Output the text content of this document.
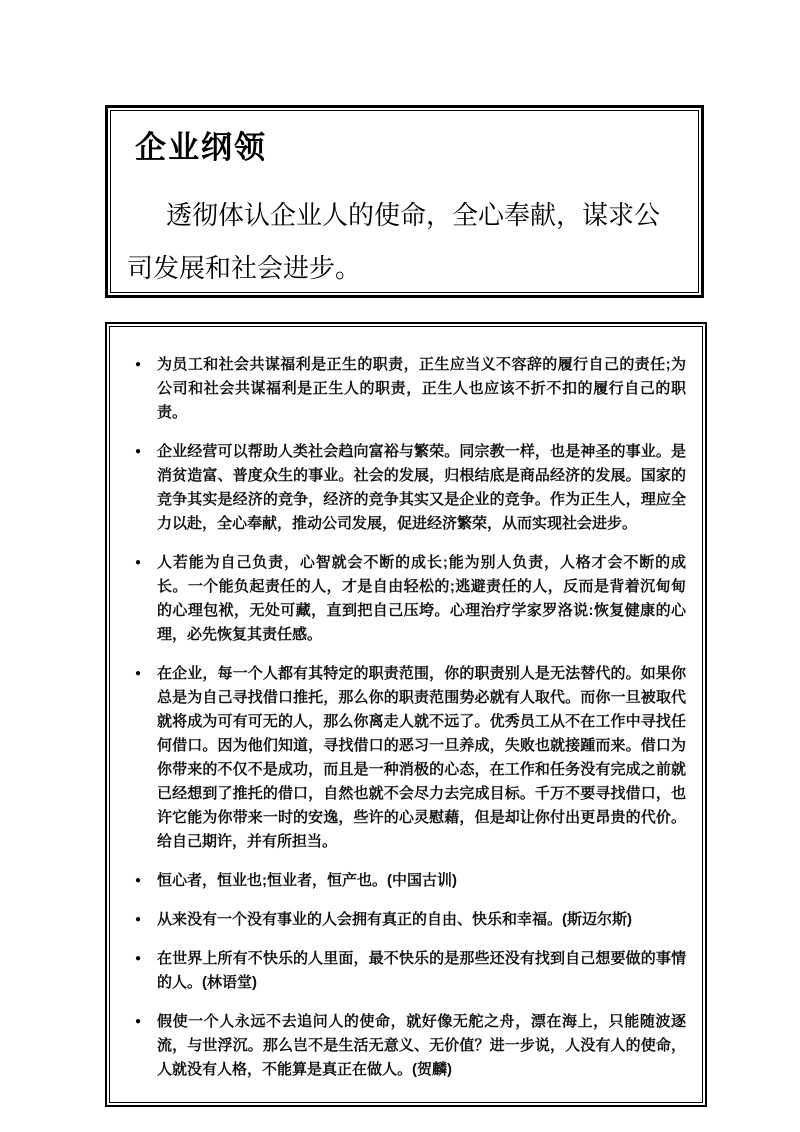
企业纲领

透彻体认企业人的使命，全心奉献，谋求公司发展和社会进步。

●	为员工和社会共谋福利是正生的职责，正生应当义不容辞的履行自己的责任;为公司和社会共谋福利是正生人的职责，正生人也应该不折不扣的履行自己的职责。

●	企业经营可以帮助人类社会趋向富裕与繁荣。同宗教一样，也是神圣的事业。是消贫造富、普度众生的事业。社会的发展，归根结底是商品经济的发展。国家的竞争其实是经济的竞争，经济的竞争其实又是企业的竞争。作为正生人，理应全力以赴，全心奉献，推动公司发展，促进经济繁荣，从而实现社会进步。

●	人若能为自己负责，心智就会不断的成长;能为别人负责，人格才会不断的成长。一个能负起责任的人，才是自由轻松的;逃避责任的人，反而是背着沉甸甸的心理包袱，无处可藏，直到把自己压垮。心理治疗学家罗洛说:恢复健康的心理，必先恢复其责任感。

●	在企业，每一个人都有其特定的职责范围，你的职责别人是无法替代的。如果你总是为自己寻找借口推托，那么你的职责范围势必就有人取代。而你一旦被取代就将成为可有可无的人，那么你离走人就不远了。优秀员工从不在工作中寻找任何借口。因为他们知道，寻找借口的恶习一旦养成，失败也就接踵而来。借口为你带来的不仅不是成功，而且是一种消极的心态，在工作和任务没有完成之前就已经想到了推托的借口，自然也就不会尽力去完成目标。千万不要寻找借口，也许它能为你带来一时的安逸，些许的心灵慰藉，但是却让你付出更昂贵的代价。给自己期许，并有所担当。

●	恒心者，恒业也;恒业者，恒产也。(中国古训)

●	从来没有一个没有事业的人会拥有真正的自由、快乐和幸福。(斯迈尔斯)

●	在世界上所有不快乐的人里面，最不快乐的是那些还没有找到自己想要做的事情的人。(林语堂)

●	假使一个人永远不去追问人的使命，就好像无舵之舟，漂在海上，只能随波逐流，与世浮沉。那么岂不是生活无意义、无价值？进一步说，人没有人的使命，人就没有人格，不能算是真正在做人。(贺麟)
